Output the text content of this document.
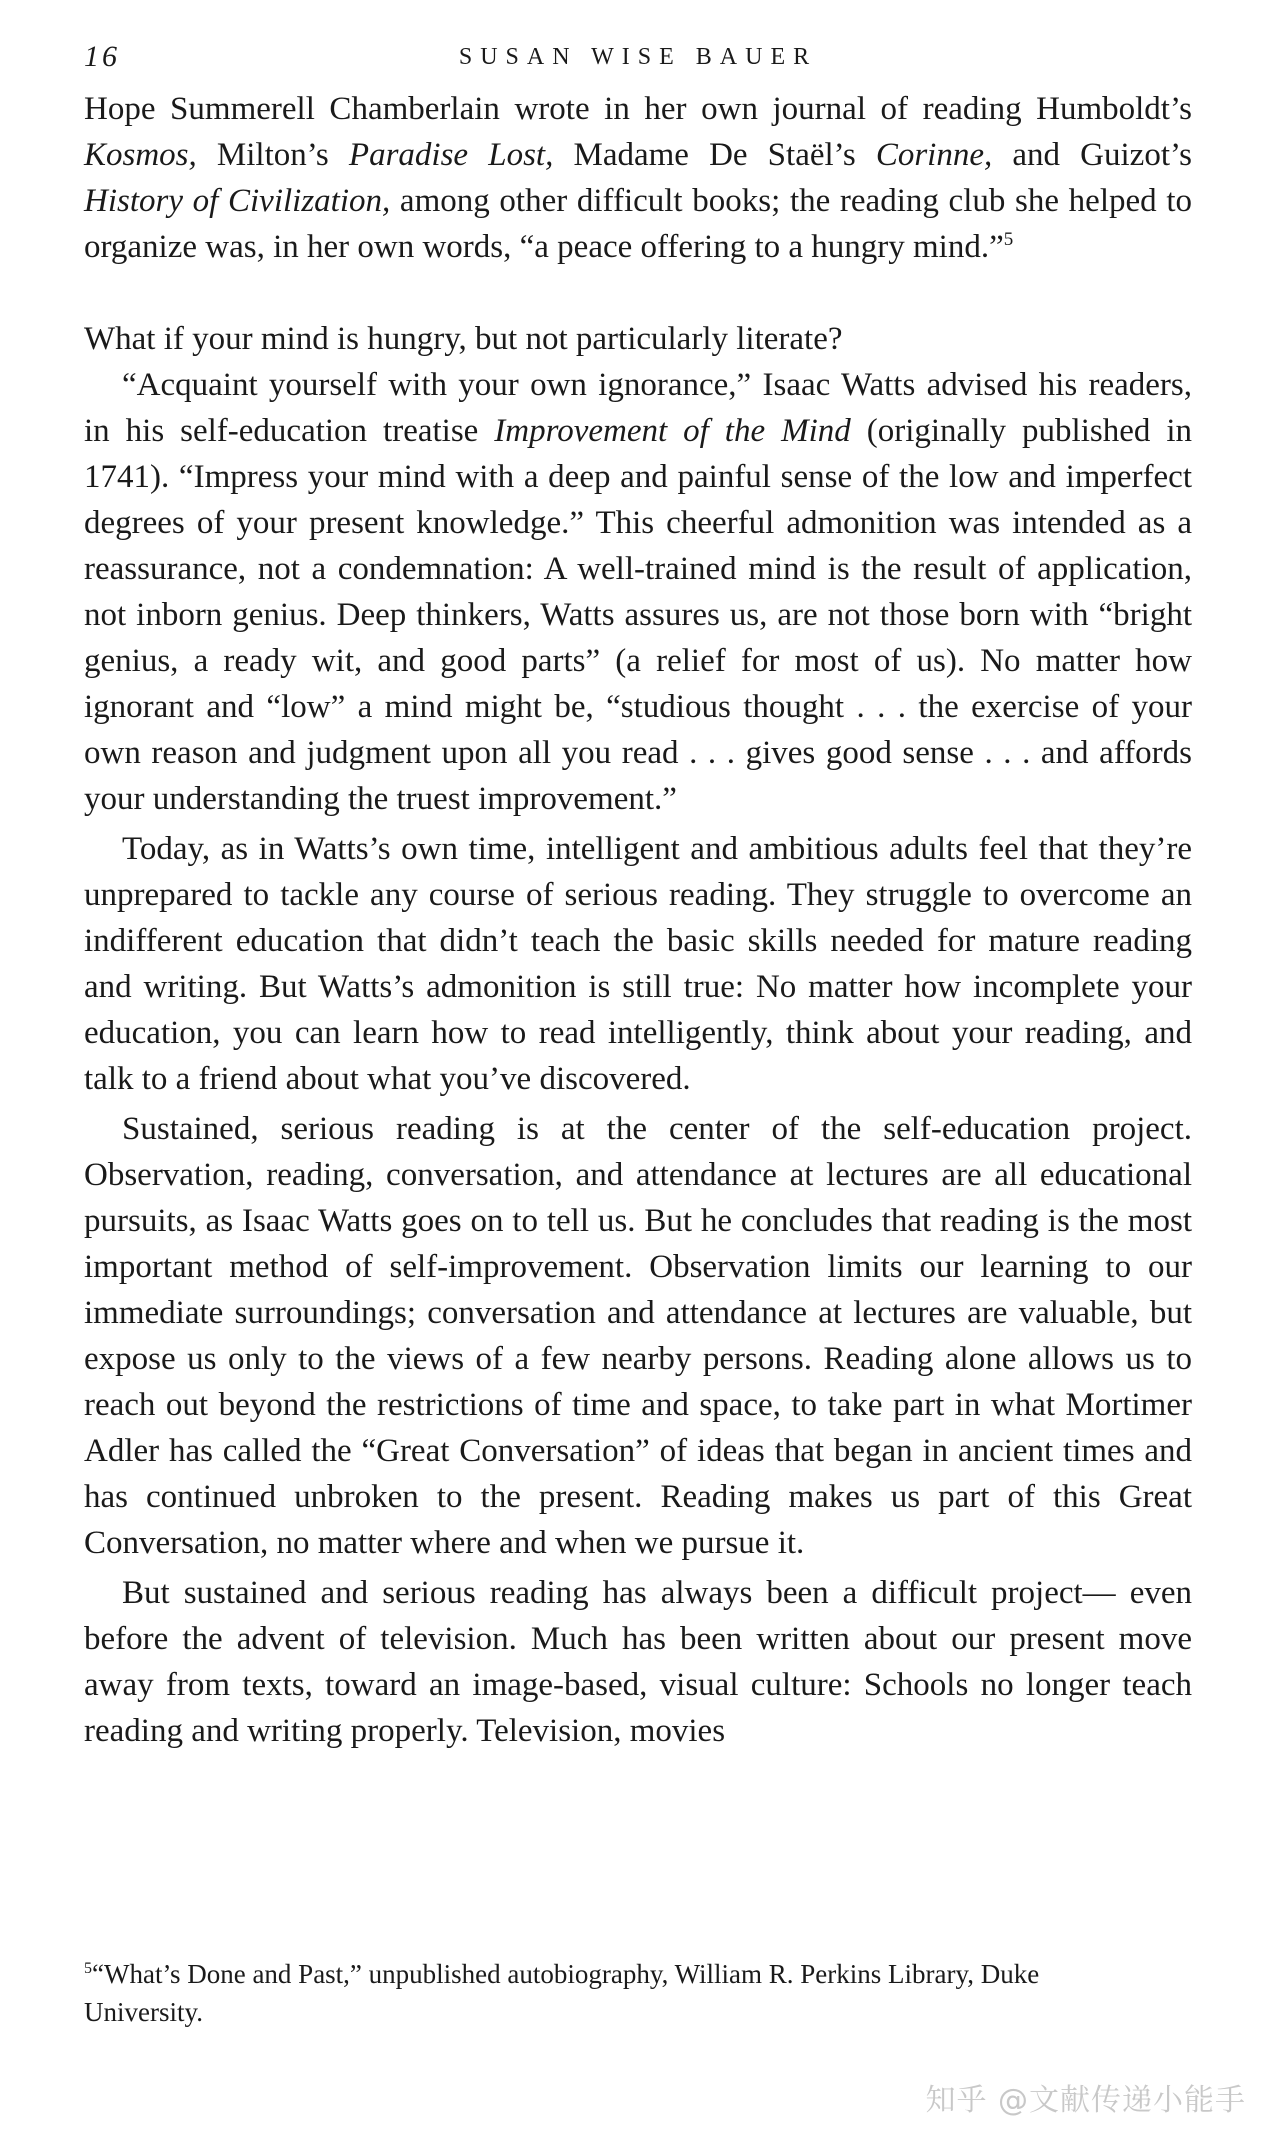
16	SUSAN WISE BAUER

Hope Summerell Chamberlain wrote in her own journal of reading Humboldt’s Kosmos, Milton’s Paradise Lost, Madame De Staël’s Corinne, and Guizot’s History of Civilization, among other difficult books; the reading club she helped to organize was, in her own words, “a peace offering to a hungry mind.”$^5$

What if your mind is hungry, but not particularly literate?

“Acquaint yourself with your own ignorance,” Isaac Watts advised his readers, in his self-education treatise Improvement of the Mind (originally published in 1741). “Impress your mind with a deep and painful sense of the low and imperfect degrees of your present knowledge.” This cheerful admonition was intended as a reassurance, not a condemnation: A well-trained mind is the result of application, not inborn genius. Deep thinkers, Watts assures us, are not those born with “bright genius, a ready wit, and good parts” (a relief for most of us). No matter how ignorant and “low” a mind might be, “studious thought . . . the exercise of your own reason and judgment upon all you read . . . gives good sense . . . and affords your understanding the truest improvement.”

Today, as in Watts’s own time, intelligent and ambitious adults feel that they’re unprepared to tackle any course of serious reading. They struggle to overcome an indifferent education that didn’t teach the basic skills needed for mature reading and writing. But Watts’s admonition is still true: No matter how incomplete your education, you can learn how to read intelligently, think about your reading, and talk to a friend about what you’ve discovered.

Sustained, serious reading is at the center of the self-education project. Observation, reading, conversation, and attendance at lectures are all educational pursuits, as Isaac Watts goes on to tell us. But he concludes that reading is the most important method of self-improvement. Observation limits our learning to our immediate surroundings; conversation and attendance at lectures are valuable, but expose us only to the views of a few nearby persons. Reading alone allows us to reach out beyond the restrictions of time and space, to take part in what Mortimer Adler has called the “Great Conversation” of ideas that began in ancient times and has continued unbroken to the present. Reading makes us part of this Great Conversation, no matter where and when we pursue it.

But sustained and serious reading has always been a difficult project— even before the advent of television. Much has been written about our present move away from texts, toward an image-based, visual culture: Schools no longer teach reading and writing properly. Television, movies

$^5$“What’s Done and Past,” unpublished autobiography, William R. Perkins Library, Duke University.
知乎 @文献传递小能手
